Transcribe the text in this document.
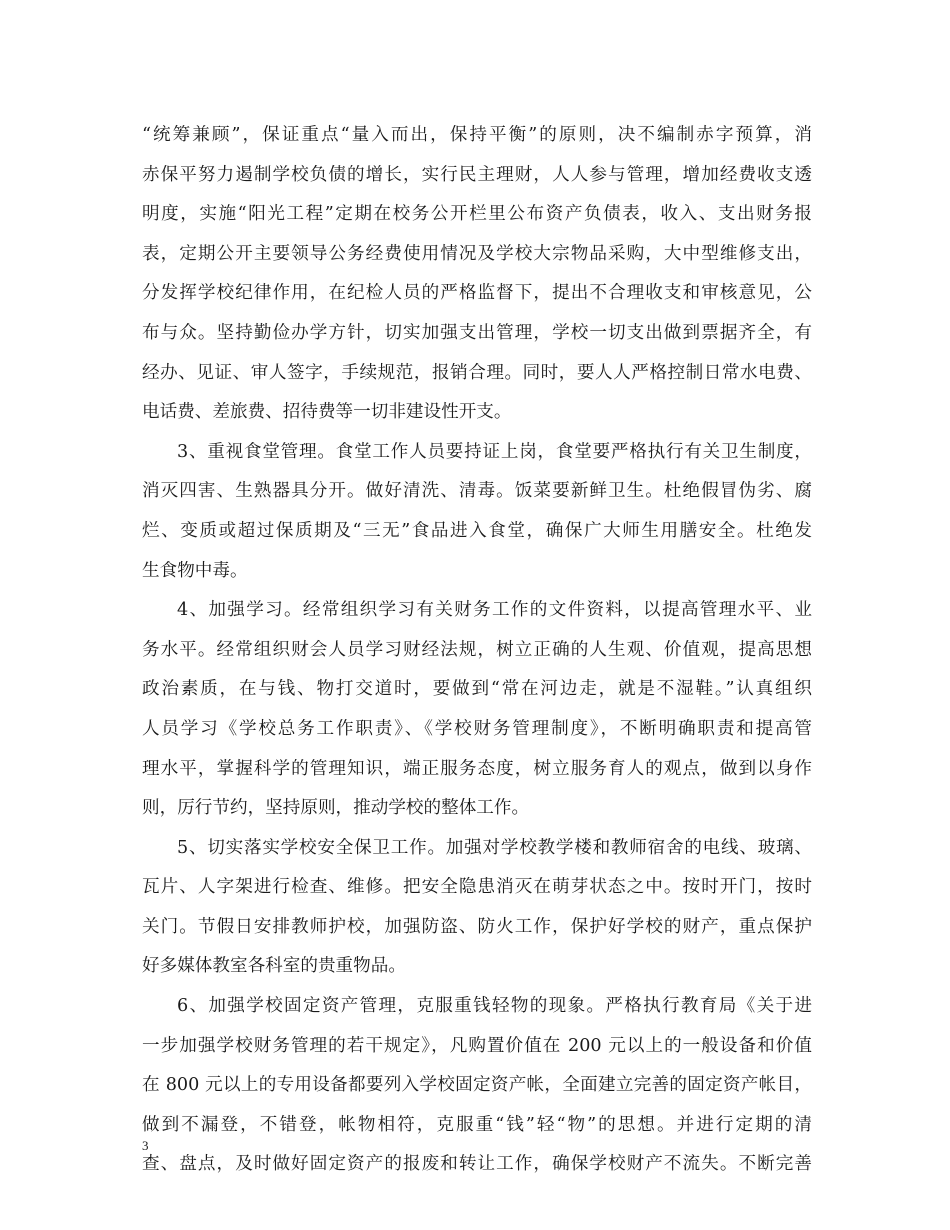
“统筹兼顾”，保证重点“量入而出，保持平衡”的原则，决不编制赤字预算，消
赤保平努力遏制学校负债的增长，实行民主理财，人人参与管理，增加经费收支透
明度，实施“阳光工程”定期在校务公开栏里公布资产负债表，收入、支出财务报
表，定期公开主要领导公务经费使用情况及学校大宗物品采购，大中型维修支出，
分发挥学校纪律作用，在纪检人员的严格监督下，提出不合理收支和审核意见，公
布与众。坚持勤俭办学方针，切实加强支出管理，学校一切支出做到票据齐全，有
经办、见证、审人签字，手续规范，报销合理。同时，要人人严格控制日常水电费、
电话费、差旅费、招待费等一切非建设性开支。
3、重视食堂管理。食堂工作人员要持证上岗，食堂要严格执行有关卫生制度，
消灭四害、生熟器具分开。做好清洗、清毒。饭菜要新鲜卫生。杜绝假冒伪劣、腐
烂、变质或超过保质期及“三无”食品进入食堂，确保广大师生用膳安全。杜绝发
生食物中毒。
4、加强学习。经常组织学习有关财务工作的文件资料，以提高管理水平、业
务水平。经常组织财会人员学习财经法规，树立正确的人生观、价值观，提高思想
政治素质，在与钱、物打交道时，要做到“常在河边走，就是不湿鞋。”认真组织
人员学习《学校总务工作职责》、《学校财务管理制度》，不断明确职责和提高管
理水平，掌握科学的管理知识，端正服务态度，树立服务育人的观点，做到以身作
则，厉行节约，坚持原则，推动学校的整体工作。
5、切实落实学校安全保卫工作。加强对学校教学楼和教师宿舍的电线、玻璃、
瓦片、人字架进行检查、维修。把安全隐患消灭在萌芽状态之中。按时开门，按时
关门。节假日安排教师护校，加强防盗、防火工作，保护好学校的财产，重点保护
好多媒体教室各科室的贵重物品。
6、加强学校固定资产管理，克服重钱轻物的现象。严格执行教育局《关于进
一步加强学校财务管理的若干规定》，凡购置价值在 200 元以上的一般设备和价值
在 800 元以上的专用设备都要列入学校固定资产帐，全面建立完善的固定资产帐目，
做到不漏登，不错登，帐物相符，克服重“钱”轻“物”的思想。并进行定期的清
查、盘点，及时做好固定资产的报废和转让工作，确保学校财产不流失。不断完善
3
